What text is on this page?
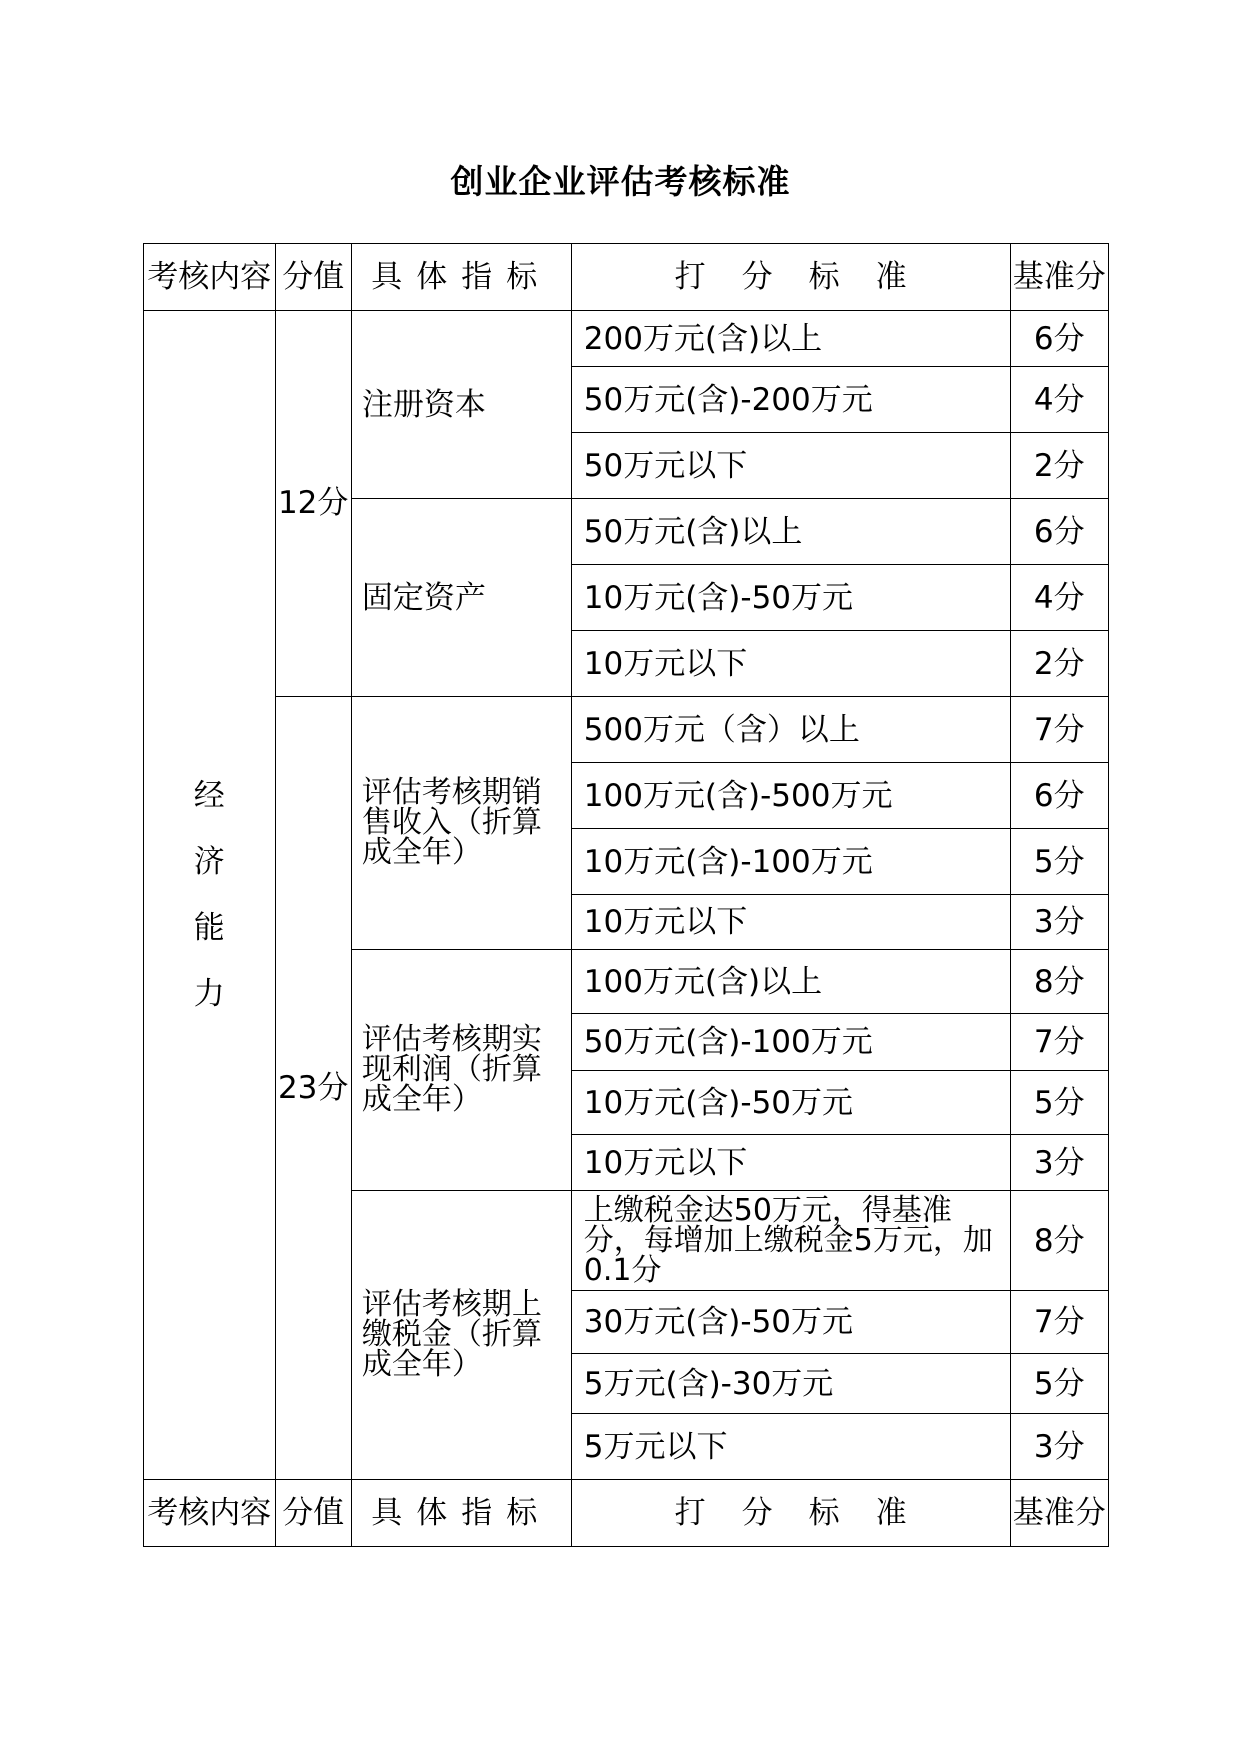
创业企业评估考核标准
考核内容	分值	具体指标	打分标准	基准分

经
济
能
力	12分	注册资本	200万元(含)以上	6分
			50万元(含)-200万元	4分
			50万元以下	2分
		固定资产	50万元(含)以上	6分
			10万元(含)-50万元	4分
			10万元以下	2分
	23分	评估考核期销售收入（折算成全年）	500万元（含）以上	7分
			100万元(含)-500万元	6分
			10万元(含)-100万元	5分
			10万元以下	3分
		评估考核期实现利润（折算成全年）	100万元(含)以上	8分
			50万元(含)-100万元	7分
			10万元(含)-50万元	5分
			10万元以下	3分
		评估考核期上缴税金（折算成全年）	上缴税金达50万元，得基准分，每增加上缴税金5万元，加0.1分	8分
			30万元(含)-50万元	7分
			5万元(含)-30万元	5分
			5万元以下	3分
考核内容	分值	具体指标	打分标准	基准分
